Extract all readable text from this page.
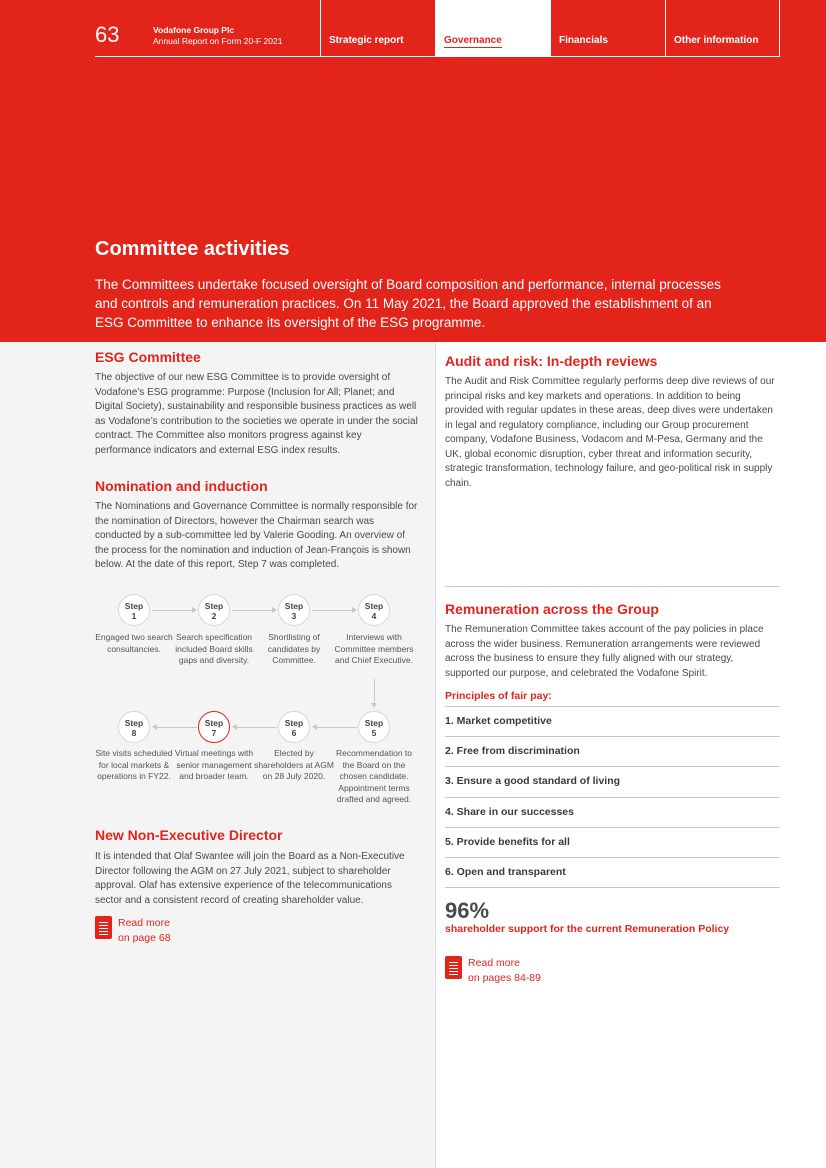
63	Vodafone Group Plc
Annual Report on Form 20-F 2021	Strategic report	Governance	Financials	Other information
Committee activities
The Committees undertake focused oversight of Board composition and performance, internal processes and controls and remuneration practices. On 11 May 2021, the Board approved the establishment of an ESG Committee to enhance its oversight of the ESG programme.
ESG Committee
The objective of our new ESG Committee is to provide oversight of Vodafone’s ESG programme: Purpose (Inclusion for All; Planet; and Digital Society), sustainability and responsible business practices as well as Vodafone’s contribution to the societies we operate in under the social contract. The Committee also monitors progress against key performance indicators and external ESG index results.
Nomination and induction
The Nominations and Governance Committee is normally responsible for the nomination of Directors, however the Chairman search was conducted by a sub-committee led by Valerie Gooding. An overview of the process for the nomination and induction of Jean-François is shown below. At the date of this report, Step 7 was completed.
Step
1
Engaged two search consultancies.
Step
2
Search specification included Board skills gaps and diversity.
Step
3
Shortlisting of candidates by Committee.
Step
4
Interviews with Committee members and Chief Executive.
Step
5
Recommendation to the Board on the chosen candidate. Appointment terms drafted and agreed.
Step
6
Elected by shareholders at AGM on 28 July 2020.
Step
7
Virtual meetings with senior management and broader team.
Step
8
Site visits scheduled for local markets & operations in FY22.
New Non-Executive Director
It is intended that Olaf Swantee will join the Board as a Non-Executive Director following the AGM on 27 July 2021, subject to shareholder approval. Olaf has extensive experience of the telecommunications sector and a consistent record of creating shareholder value.
Read more
on page 68
Audit and risk: In-depth reviews
The Audit and Risk Committee regularly performs deep dive reviews of our principal risks and key markets and operations. In addition to being provided with regular updates in these areas, deep dives were undertaken in legal and regulatory compliance, including our Group procurement company, Vodafone Business, Vodacom and M-Pesa, Germany and the UK, global economic disruption, cyber threat and information security, strategic transformation, technology failure, and geo-political risk in supply chain.
Remuneration across the Group
The Remuneration Committee takes account of the pay policies in place across the wider business. Remuneration arrangements were reviewed across the business to ensure they fully aligned with our strategy, supported our purpose, and celebrated the Vodafone Spirit.
Principles of fair pay:
1. Market competitive
2. Free from discrimination
3. Ensure a good standard of living
4. Share in our successes
5. Provide benefits for all
6. Open and transparent
96%
shareholder support for the current Remuneration Policy
Read more
on pages 84-89
